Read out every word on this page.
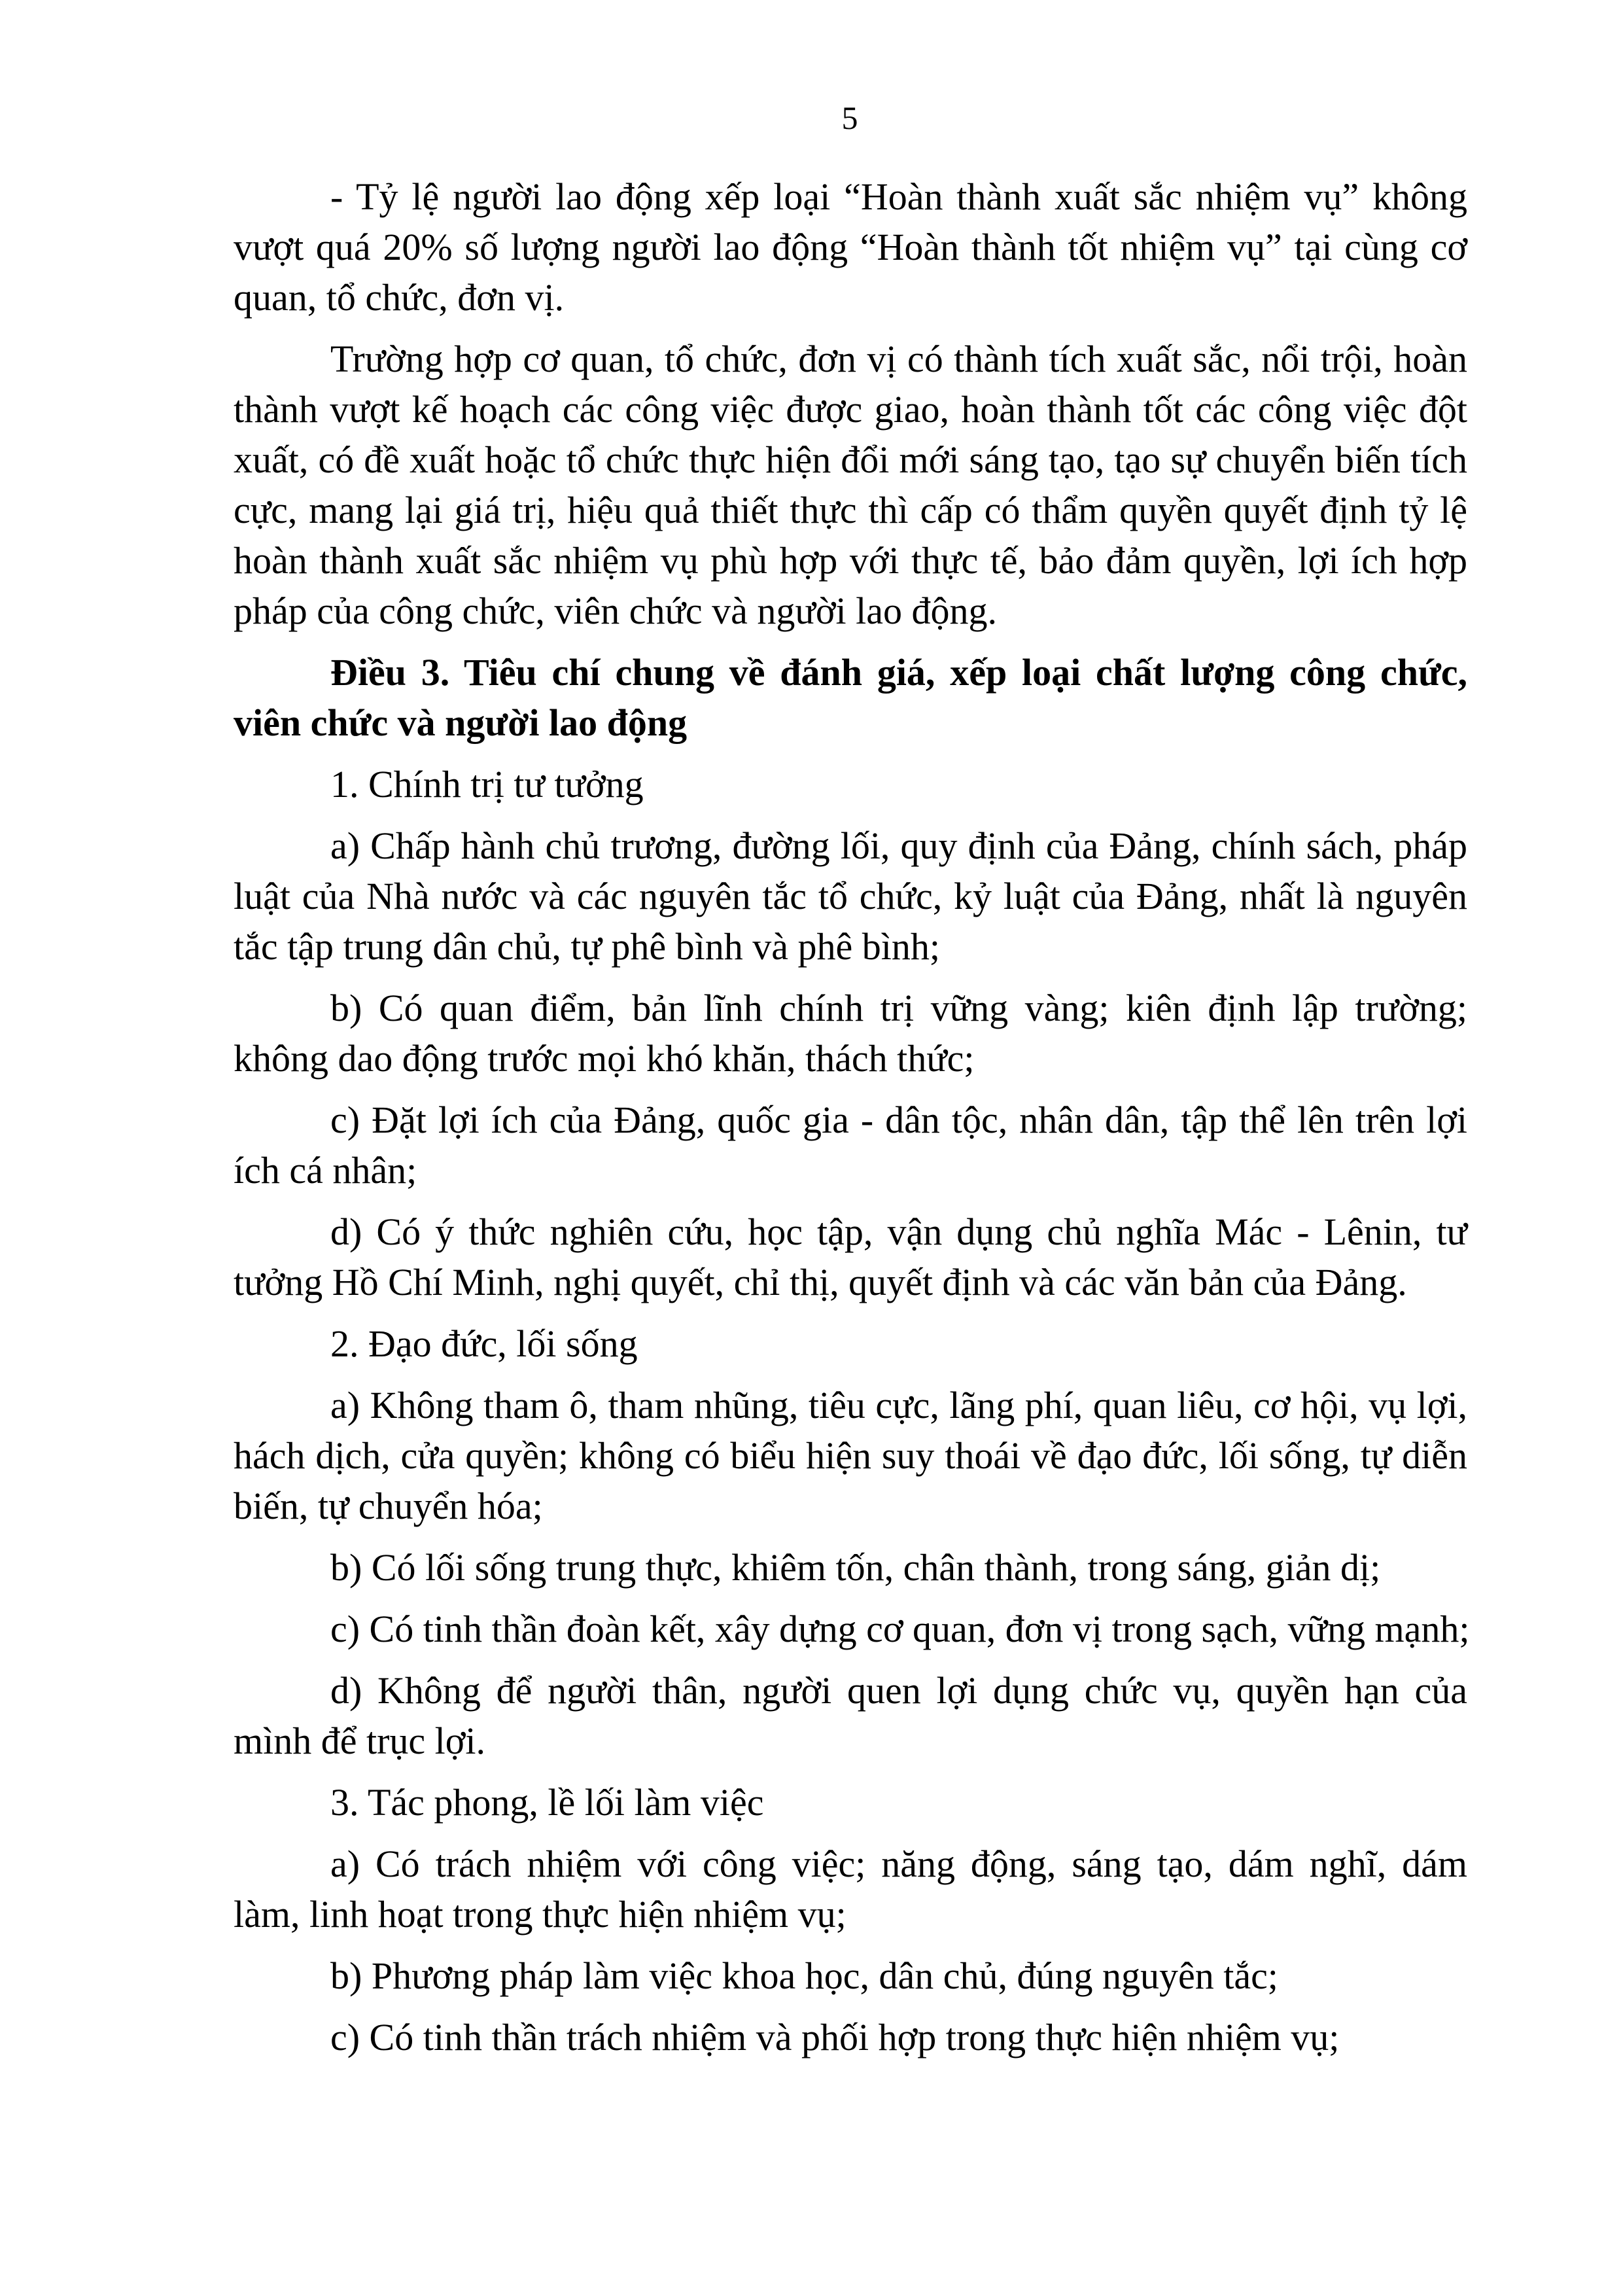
5

- Tỷ lệ người lao động xếp loại “Hoàn thành xuất sắc nhiệm vụ” không
vượt quá 20% số lượng người lao động “Hoàn thành tốt nhiệm vụ” tại cùng cơ
quan, tổ chức, đơn vị.

Trường hợp cơ quan, tổ chức, đơn vị có thành tích xuất sắc, nổi trội, hoàn
thành vượt kế hoạch các công việc được giao, hoàn thành tốt các công việc đột
xuất, có đề xuất hoặc tổ chức thực hiện đổi mới sáng tạo, tạo sự chuyển biến tích
cực, mang lại giá trị, hiệu quả thiết thực thì cấp có thẩm quyền quyết định tỷ lệ
hoàn thành xuất sắc nhiệm vụ phù hợp với thực tế, bảo đảm quyền, lợi ích hợp
pháp của công chức, viên chức và người lao động.

Điều 3. Tiêu chí chung về đánh giá, xếp loại chất lượng công chức,
viên chức và người lao động

1. Chính trị tư tưởng

a) Chấp hành chủ trương, đường lối, quy định của Đảng, chính sách, pháp
luật của Nhà nước và các nguyên tắc tổ chức, kỷ luật của Đảng, nhất là nguyên
tắc tập trung dân chủ, tự phê bình và phê bình;

b) Có quan điểm, bản lĩnh chính trị vững vàng; kiên định lập trường;
không dao động trước mọi khó khăn, thách thức;

c) Đặt lợi ích của Đảng, quốc gia - dân tộc, nhân dân, tập thể lên trên lợi
ích cá nhân;

d) Có ý thức nghiên cứu, học tập, vận dụng chủ nghĩa Mác - Lênin, tư
tưởng Hồ Chí Minh, nghị quyết, chỉ thị, quyết định và các văn bản của Đảng.

2. Đạo đức, lối sống

a) Không tham ô, tham nhũng, tiêu cực, lãng phí, quan liêu, cơ hội, vụ lợi,
hách dịch, cửa quyền; không có biểu hiện suy thoái về đạo đức, lối sống, tự diễn
biến, tự chuyển hóa;

b) Có lối sống trung thực, khiêm tốn, chân thành, trong sáng, giản dị;

c) Có tinh thần đoàn kết, xây dựng cơ quan, đơn vị trong sạch, vững mạnh;

d) Không để người thân, người quen lợi dụng chức vụ, quyền hạn của
mình để trục lợi.

3. Tác phong, lề lối làm việc

a) Có trách nhiệm với công việc; năng động, sáng tạo, dám nghĩ, dám
làm, linh hoạt trong thực hiện nhiệm vụ;

b) Phương pháp làm việc khoa học, dân chủ, đúng nguyên tắc;

c) Có tinh thần trách nhiệm và phối hợp trong thực hiện nhiệm vụ;
